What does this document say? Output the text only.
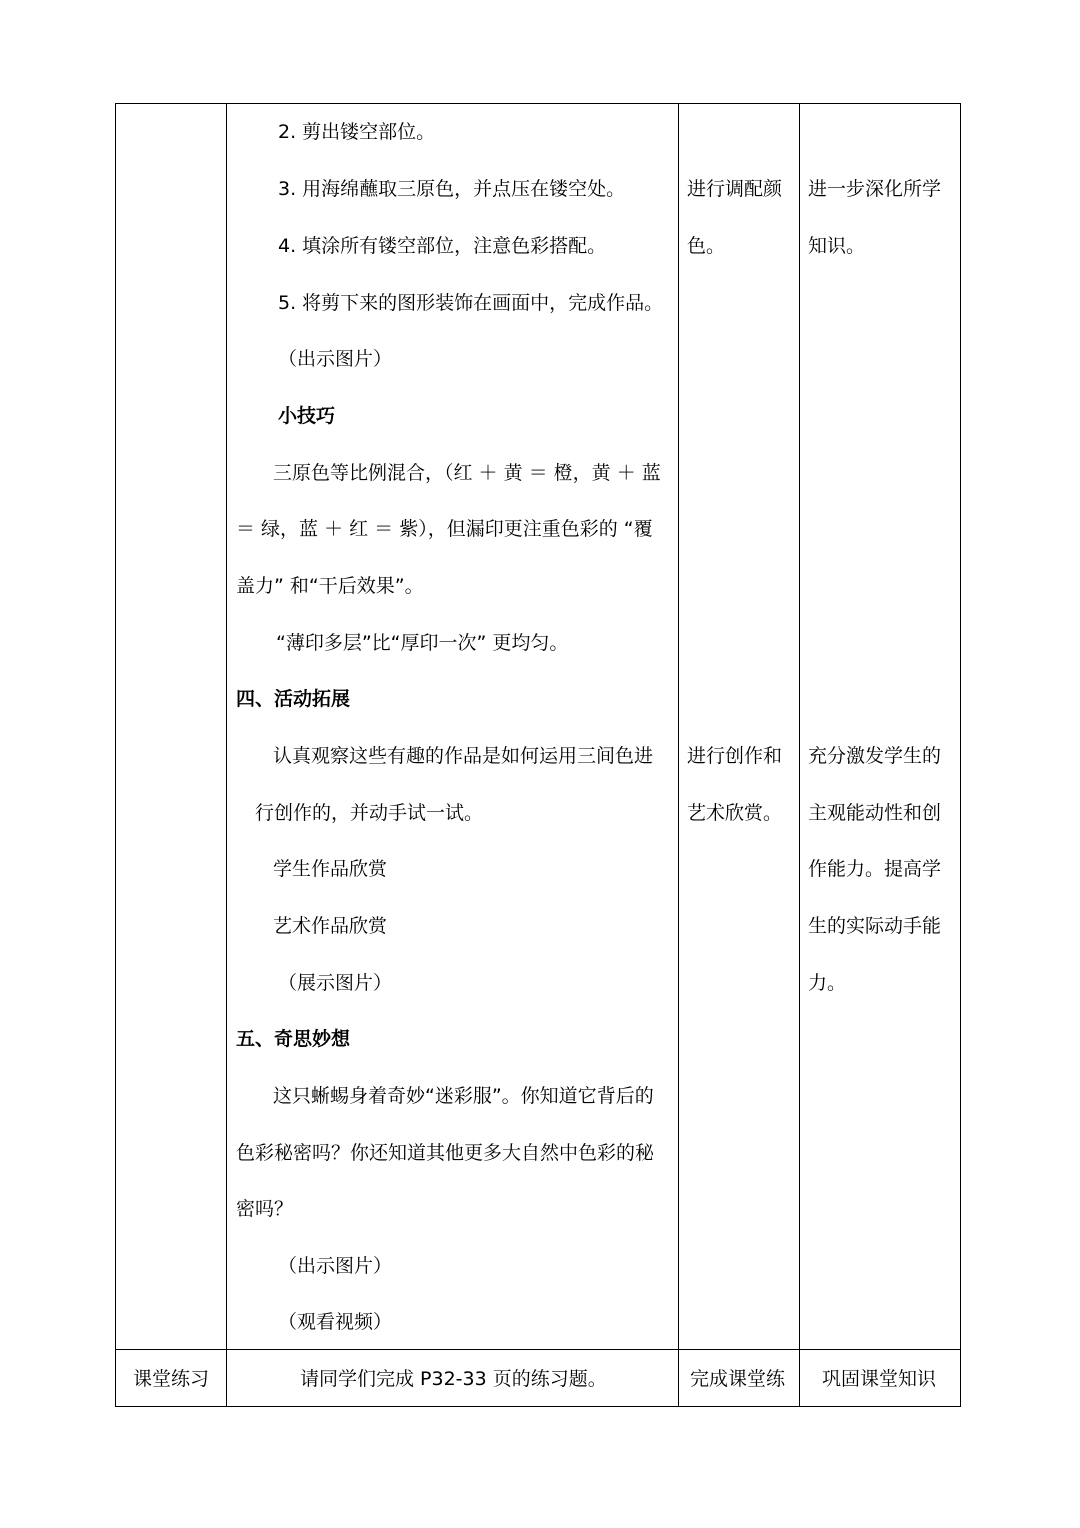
2. 剪出镂空部位。
3. 用海绵蘸取三原色，并点压在镂空处。
4. 填涂所有镂空部位，注意色彩搭配。
5. 将剪下来的图形装饰在画面中，完成作品。
（出示图片）
小技巧
三原色等比例混合，（红 ＋ 黄 ＝ 橙，黄 ＋ 蓝
＝ 绿，蓝 ＋ 红 ＝ 紫），但漏印更注重色彩的 “覆
盖力” 和“干后效果”。
“薄印多层”比“厚印一次” 更均匀。
四、活动拓展
认真观察这些有趣的作品是如何运用三间色进
行创作的，并动手试一试。
学生作品欣赏
艺术作品欣赏
（展示图片）
五、奇思妙想
这只蜥蜴身着奇妙“迷彩服”。你知道它背后的
色彩秘密吗？你还知道其他更多大自然中色彩的秘
密吗？
（出示图片）
（观看视频）
进行调配颜
色。
进行创作和
艺术欣赏。
进一步深化所学
知识。
充分激发学生的
主观能动性和创
作能力。提高学
生的实际动手能
力。
课堂练习	请同学们完成 P32-33 页的练习题。	完成课堂练 巩固课堂知识
